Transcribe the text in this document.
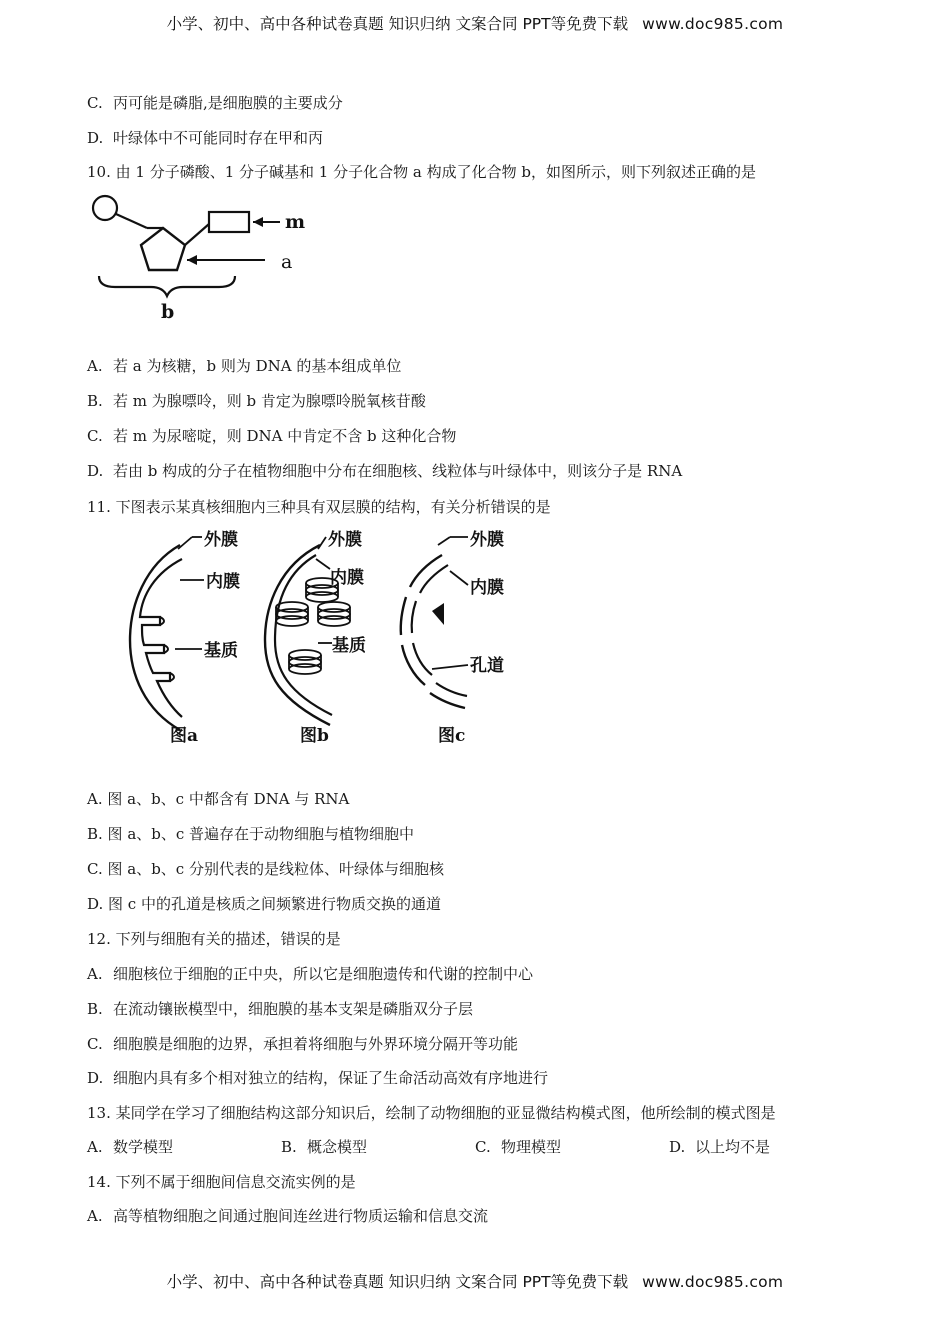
小学、初中、高中各种试卷真题 知识归纳 文案合同 PPT等免费下载 www.doc985.com
C. 丙可能是磷脂,是细胞膜的主要成分
D. 叶绿体中不可能同时存在甲和丙
10. 由 1 分子磷酸、1 分子碱基和 1 分子化合物 a 构成了化合物 b，如图所示，则下列叙述正确的是
m
a
b
A. 若 a 为核糖，b 则为 DNA 的基本组成单位
B. 若 m 为腺嘌呤，则 b 肯定为腺嘌呤脱氧核苷酸
C. 若 m 为尿嘧啶，则 DNA 中肯定不含 b 这种化合物
D. 若由 b 构成的分子在植物细胞中分布在细胞核、线粒体与叶绿体中，则该分子是 RNA
11. 下图表示某真核细胞内三种具有双层膜的结构，有关分析错误的是
外膜
内膜
基质
图a
外膜
内膜
基质
图b
外膜
内膜
孔道
图c
A. 图 a、b、c 中都含有 DNA 与 RNA
B. 图 a、b、c 普遍存在于动物细胞与植物细胞中
C. 图 a、b、c 分别代表的是线粒体、叶绿体与细胞核
D. 图 c 中的孔道是核质之间频繁进行物质交换的通道
12. 下列与细胞有关的描述，错误的是
A. 细胞核位于细胞的正中央，所以它是细胞遗传和代谢的控制中心
B. 在流动镶嵌模型中，细胞膜的基本支架是磷脂双分子层
C. 细胞膜是细胞的边界，承担着将细胞与外界环境分隔开等功能
D. 细胞内具有多个相对独立的结构，保证了生命活动高效有序地进行
13. 某同学在学习了细胞结构这部分知识后，绘制了动物细胞的亚显微结构模式图，他所绘制的模式图是
A. 数学模型	B. 概念模型	C. 物理模型	D. 以上均不是
14. 下列不属于细胞间信息交流实例的是
A. 高等植物细胞之间通过胞间连丝进行物质运输和信息交流
小学、初中、高中各种试卷真题 知识归纳 文案合同 PPT等免费下载 www.doc985.com
